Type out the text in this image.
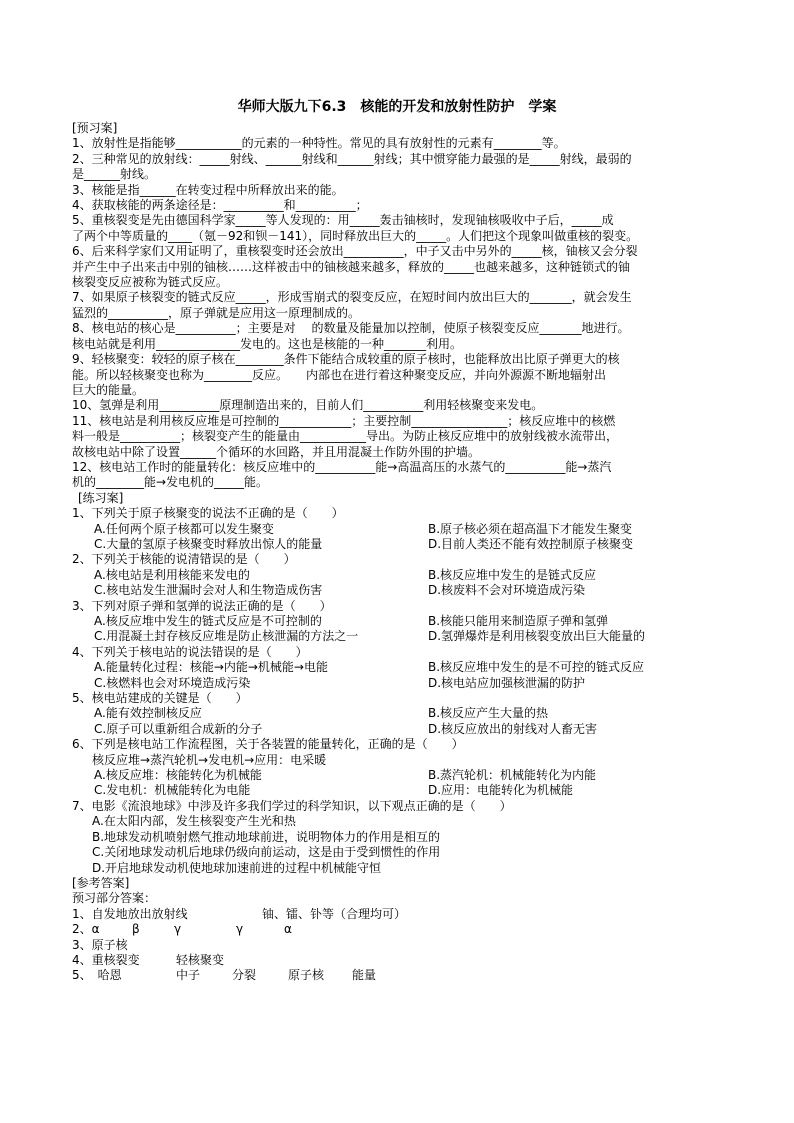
华师大版九下6.3　核能的开发和放射性防护　学案
[预习案]
1、放射性是指能够___________的元素的一种特性。常见的具有放射性的元素有________等。
2、三种常见的放射线：_____射线、______射线和______射线；其中惯穿能力最强的是_____射线，最弱的
是______射线。
3、核能是指______在转变过程中所释放出来的能。
4、获取核能的两条途径是：__________和__________；
5、重核裂变是先由德国科学家_____等人发现的：用_____轰击铀核时，发现铀核吸收中子后，_____成
了两个中等质量的____（氪－92和钡－141），同时释放出巨大的_____。人们把这个现象叫做重核的裂变。
6、后来科学家们又用证明了，重核裂变时还会放出__________，中子又击中另外的_____核，铀核又会分裂
并产生中子出来击中别的铀核……这样被击中的铀核越来越多，释放的_____也越来越多，这种链锁式的铀
核裂变反应被称为链式反应。
7、如果原子核裂变的链式反应_____，形成雪崩式的裂变反应，在短时间内放出巨大的_______，就会发生
猛烈的__________，原子弹就是应用这一原理制成的。
8、核电站的核心是__________；主要是对　 的数量及能量加以控制，使原子核裂变反应_______地进行。
核电站就是利用______________发电的。这也是核能的一种_______利用。
9、轻核聚变：较轻的原子核在________条件下能结合成较重的原子核时，也能释放出比原子弹更大的核
能。所以轻核聚变也称为________反应。　　内部也在进行着这种聚变反应，并向外源源不断地辐射出
巨大的能量。
10、氢弹是利用__________原理制造出来的，目前人们__________利用轻核聚变来发电。
11、核电站是利用核反应堆是可控制的____________；主要控制________________；核反应堆中的核燃
料一般是__________；核裂变产生的能量由___________导出。为防止核反应堆中的放射线被水流带出，
故核电站中除了设置______个循环的水回路，并且用混凝土作防外围的护墙。
12、核电站工作时的能量转化：核反应堆中的__________能→高温高压的水蒸气的__________能→蒸汽
机的________能→发电机的_____能。
[练习案]
1、下列关于原子核聚变的说法不正确的是（　　）
A.任何两个原子核都可以发生聚变	B.原子核必须在超高温下才能发生聚变
C.大量的氢原子核聚变时释放出惊人的能量	D.目前人类还不能有效控制原子核聚变
2、下列关于核能的说清错误的是（　　）
A.核电站是利用核能来发电的	B.核反应堆中发生的是链式反应
C.核电站发生泄漏时会对人和生物造成伤害	D.核废料不会对环境造成污染
3、下列对原子弹和氢弹的说法正确的是（　　）
A.核反应堆中发生的链式反应是不可控制的	B.核能只能用来制造原子弹和氢弹
C.用混凝土封存核反应堆是防止核泄漏的方法之一	D.氢弹爆炸是利用核裂变放出巨大能量的
4、下列关于核电站的说法错误的是（　　）
A.能量转化过程：核能→内能→机械能→电能	B.核反应堆中发生的是不可控的链式反应
C.核燃料也会对环境造成污染	D.核电站应加强核泄漏的防护
5、核电站建成的关键是（　　）
A.能有效控制核反应	B.核反应产生大量的热
C.原子可以重新组合成新的分子	D.核反应放出的射线对人畜无害
6、下列是核电站工作流程图，关于各装置的能量转化，正确的是（　　）
核反应堆→蒸汽轮机→发电机→应用：电采暖
A.核反应堆：核能转化为机械能	B.蒸汽轮机：机械能转化为内能
C.发电机：机械能转化为电能	D.应用：电能转化为机械能
7、电影《流浪地球》中涉及许多我们学过的科学知识，以下观点正确的是（　　）
A.在太阳内部，发生核裂变产生光和热
B.地球发动机喷射燃气推动地球前进，说明物体力的作用是相互的
C.关闭地球发动机后地球仍级向前运动，这是由于受到惯性的作用
D.开启地球发动机使地球加速前进的过程中机械能守恒
[参考答案]
预习部分答案：
1、自发地放出放射线	铀、镭、钋等（合理均可）
2、α	β	γ	γ	α
3、原子核
4、重核裂变	轻核聚变
5、　哈恩	中子	分裂	原子核	能量
